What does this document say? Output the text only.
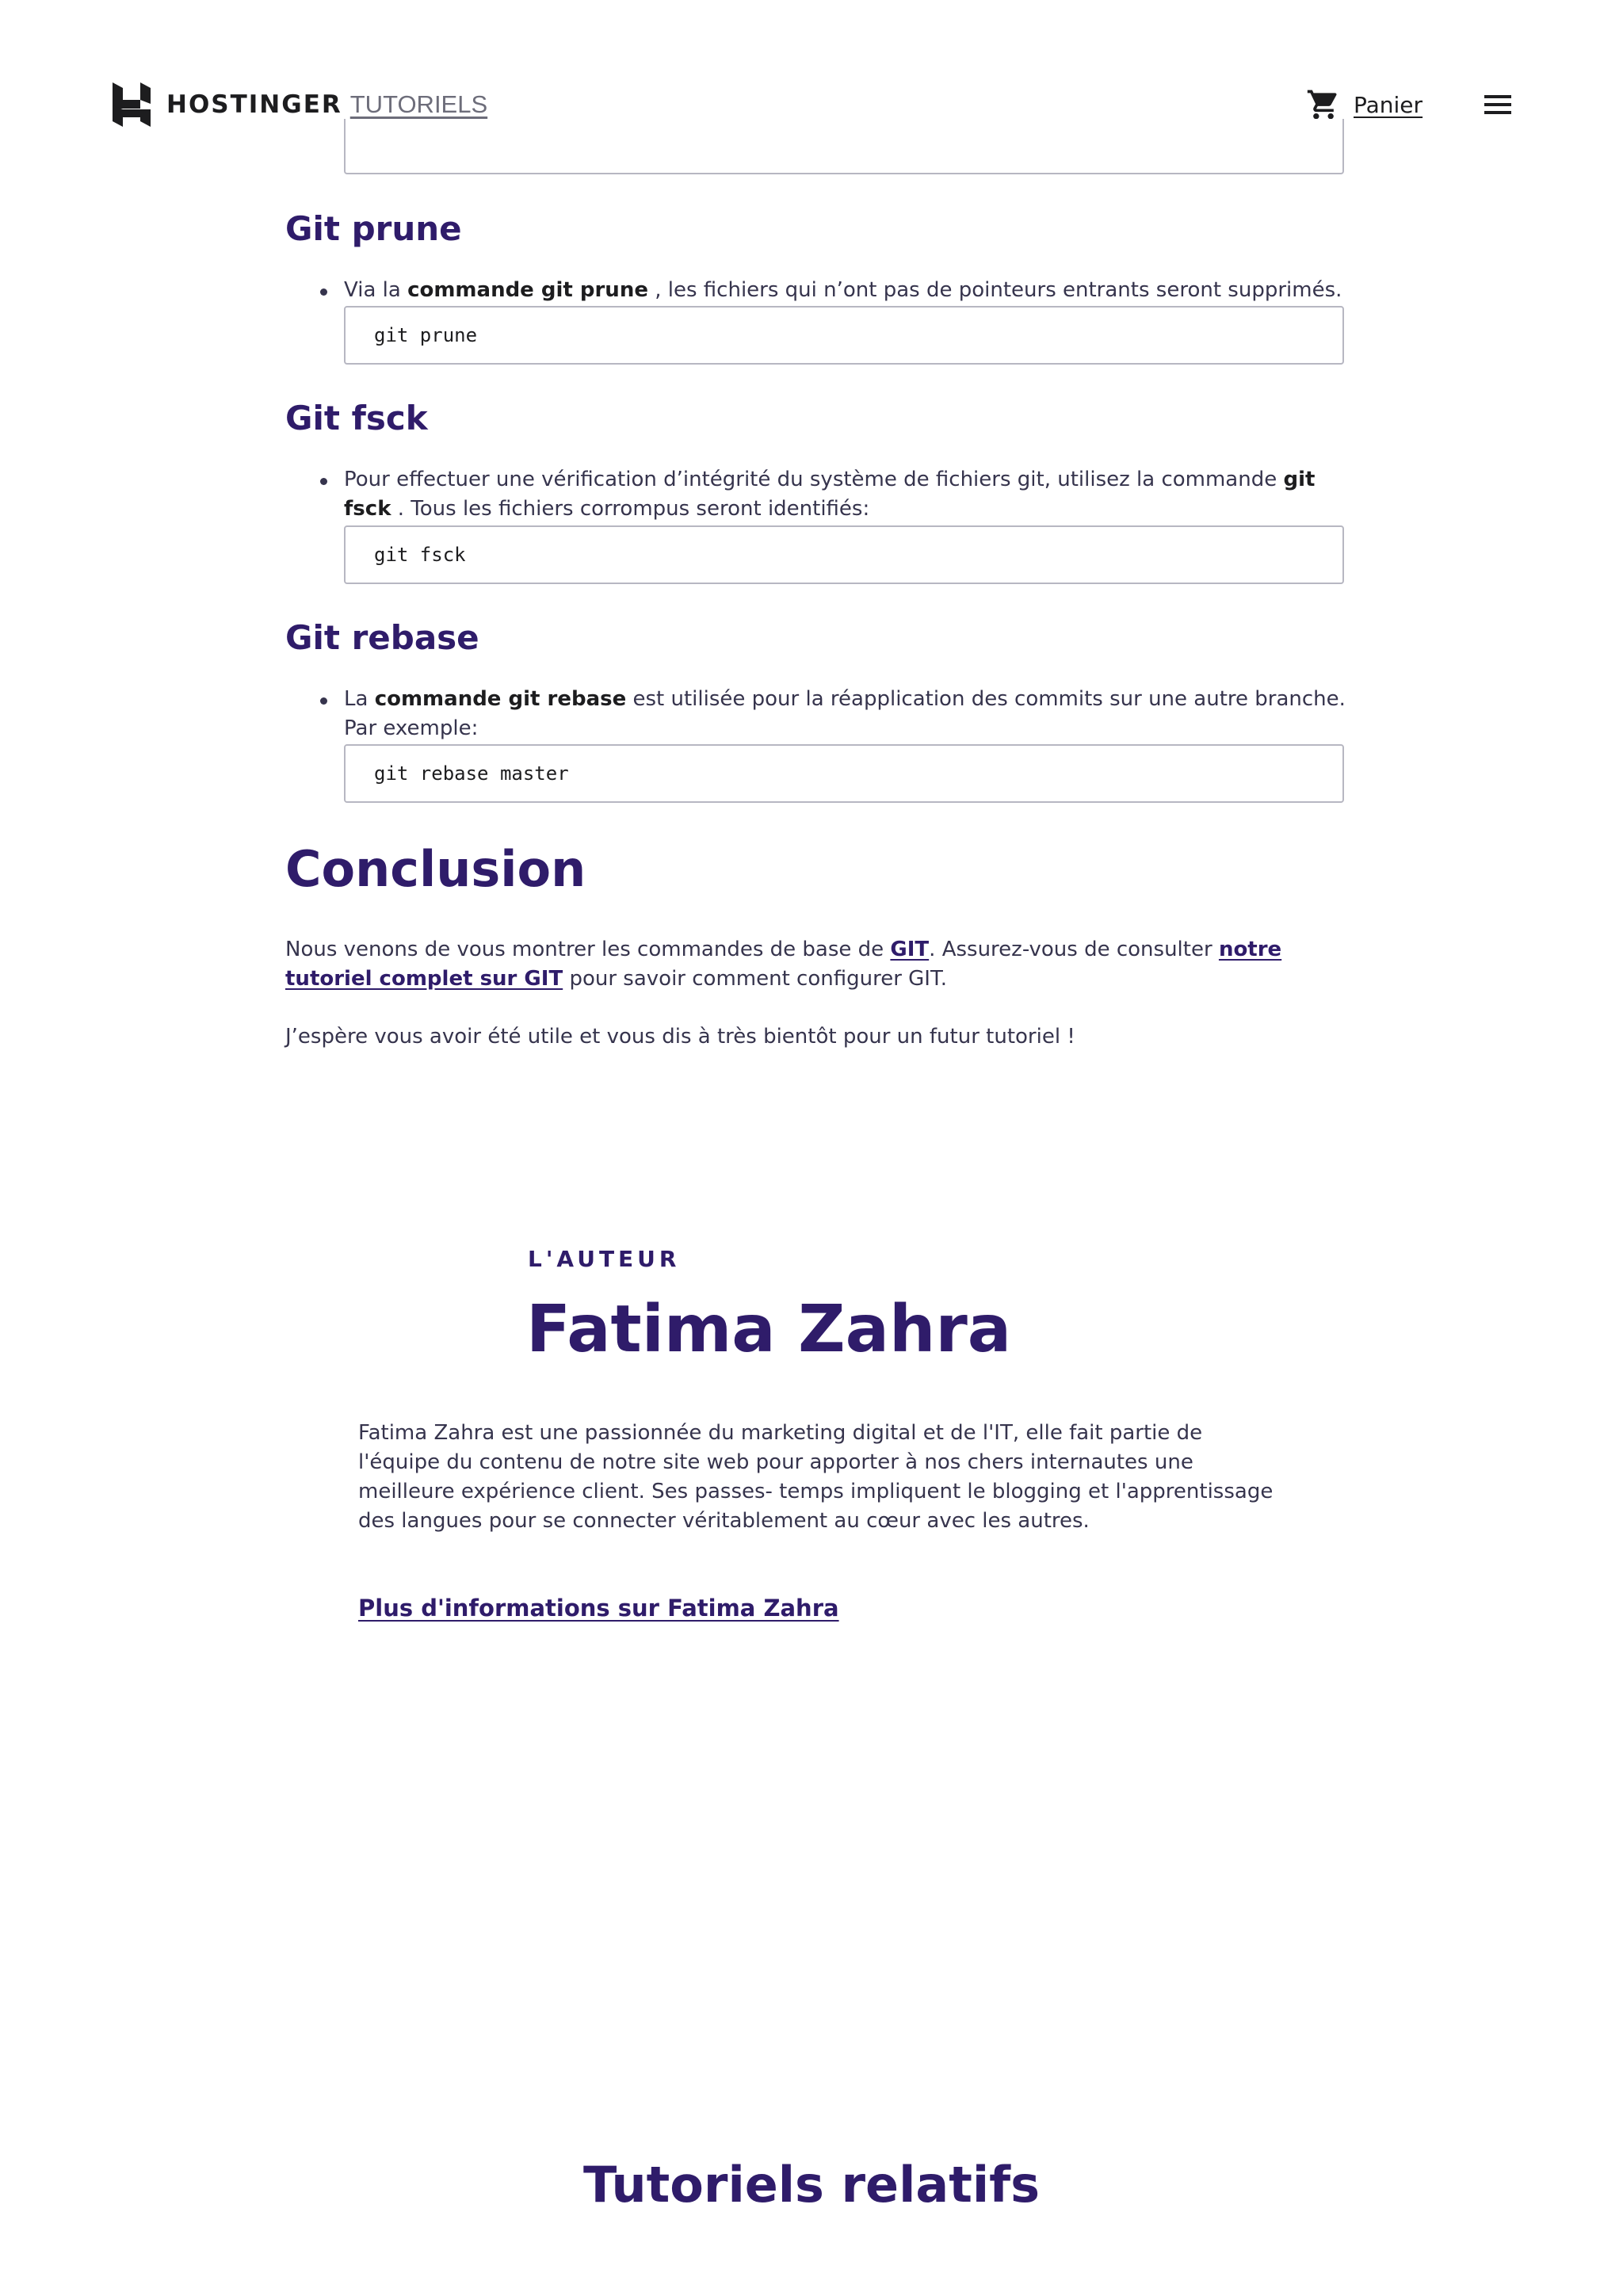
HOSTINGER TUTORIELS	Panier
Git prune
Via la commande git prune , les fichiers qui n’ont pas de pointeurs entrants seront supprimés.
git prune
Git fsck
Pour effectuer une vérification d’intégrité du système de fichiers git, utilisez la commande git fsck . Tous les fichiers corrompus seront identifiés:
git fsck
Git rebase
La commande git rebase est utilisée pour la réapplication des commits sur une autre branche. Par exemple:
git rebase master
Conclusion

Nous venons de vous montrer les commandes de base de GIT. Assurez-vous de consulter notre tutoriel complet sur GIT pour savoir comment configurer GIT.

J’espère vous avoir été utile et vous dis à très bientôt pour un futur tutoriel !

L'AUTEUR
Fatima Zahra

Fatima Zahra est une passionnée du marketing digital et de l'IT, elle fait partie de l'équipe du contenu de notre site web pour apporter à nos chers internautes une meilleure expérience client. Ses passes- temps impliquent le blogging et l'apprentissage des langues pour se connecter véritablement au cœur avec les autres.

Plus d'informations sur Fatima Zahra
Tutoriels relatifs
